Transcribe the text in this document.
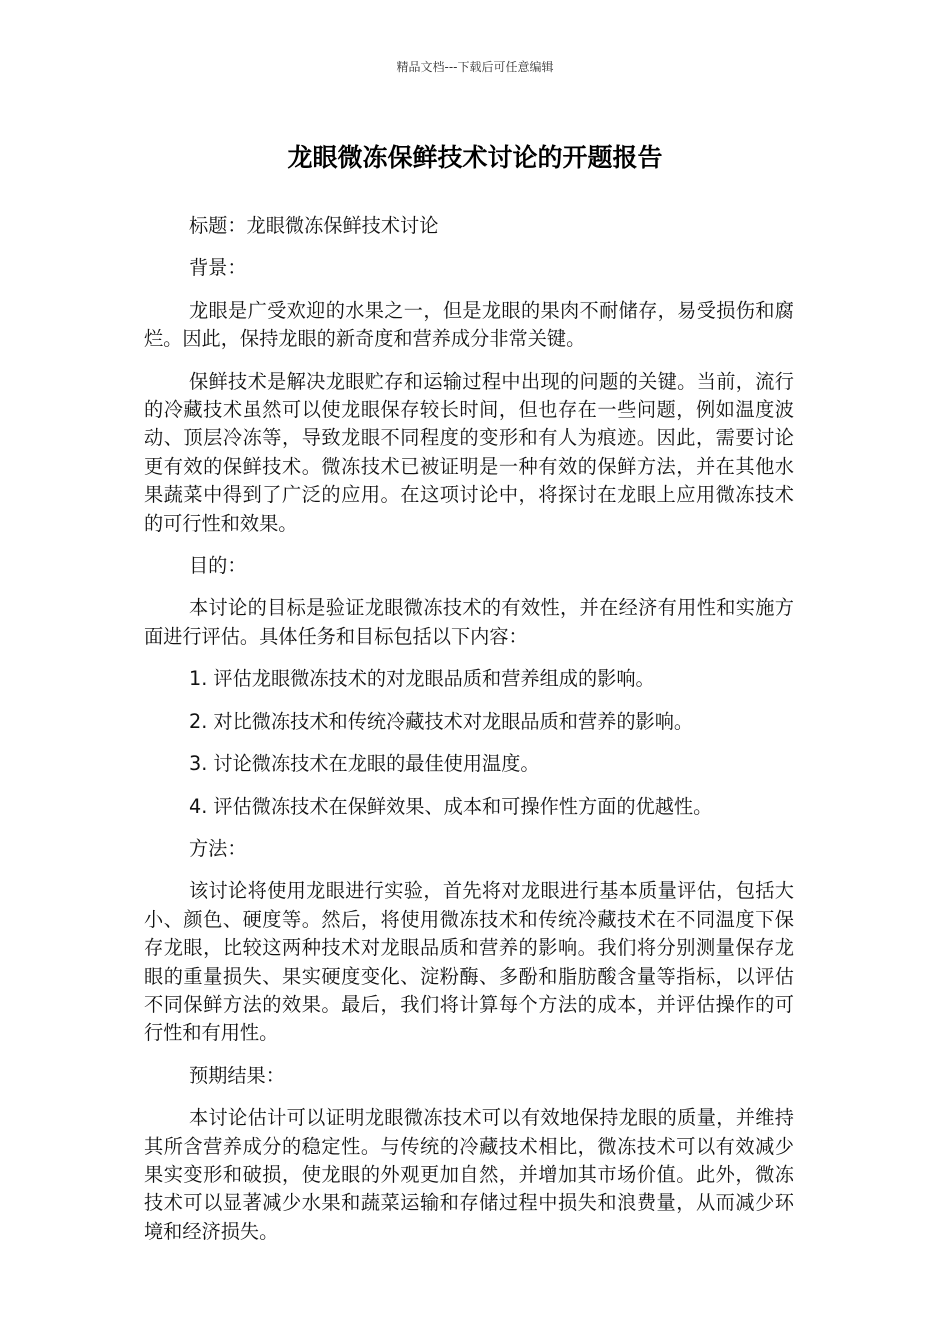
精品文档---下载后可任意编辑
龙眼微冻保鲜技术讨论的开题报告

标题：龙眼微冻保鲜技术讨论

背景：

龙眼是广受欢迎的水果之一，但是龙眼的果肉不耐储存，易受损伤和腐烂。因此，保持龙眼的新奇度和营养成分非常关键。

保鲜技术是解决龙眼贮存和运输过程中出现的问题的关键。当前，流行的冷藏技术虽然可以使龙眼保存较长时间，但也存在一些问题，例如温度波动、顶层冷冻等，导致龙眼不同程度的变形和有人为痕迹。因此，需要讨论更有效的保鲜技术。微冻技术已被证明是一种有效的保鲜方法，并在其他水果蔬菜中得到了广泛的应用。在这项讨论中，将探讨在龙眼上应用微冻技术的可行性和效果。

目的：

本讨论的目标是验证龙眼微冻技术的有效性，并在经济有用性和实施方面进行评估。具体任务和目标包括以下内容：

1. 评估龙眼微冻技术的对龙眼品质和营养组成的影响。

2. 对比微冻技术和传统冷藏技术对龙眼品质和营养的影响。

3. 讨论微冻技术在龙眼的最佳使用温度。

4. 评估微冻技术在保鲜效果、成本和可操作性方面的优越性。

方法：

该讨论将使用龙眼进行实验，首先将对龙眼进行基本质量评估，包括大小、颜色、硬度等。然后，将使用微冻技术和传统冷藏技术在不同温度下保存龙眼，比较这两种技术对龙眼品质和营养的影响。我们将分别测量保存龙眼的重量损失、果实硬度变化、淀粉酶、多酚和脂肪酸含量等指标，以评估不同保鲜方法的效果。最后，我们将计算每个方法的成本，并评估操作的可行性和有用性。

预期结果：

本讨论估计可以证明龙眼微冻技术可以有效地保持龙眼的质量，并维持其所含营养成分的稳定性。与传统的冷藏技术相比，微冻技术可以有效减少果实变形和破损，使龙眼的外观更加自然，并增加其市场价值。此外，微冻技术可以显著减少水果和蔬菜运输和存储过程中损失和浪费量，从而减少环境和经济损失。
